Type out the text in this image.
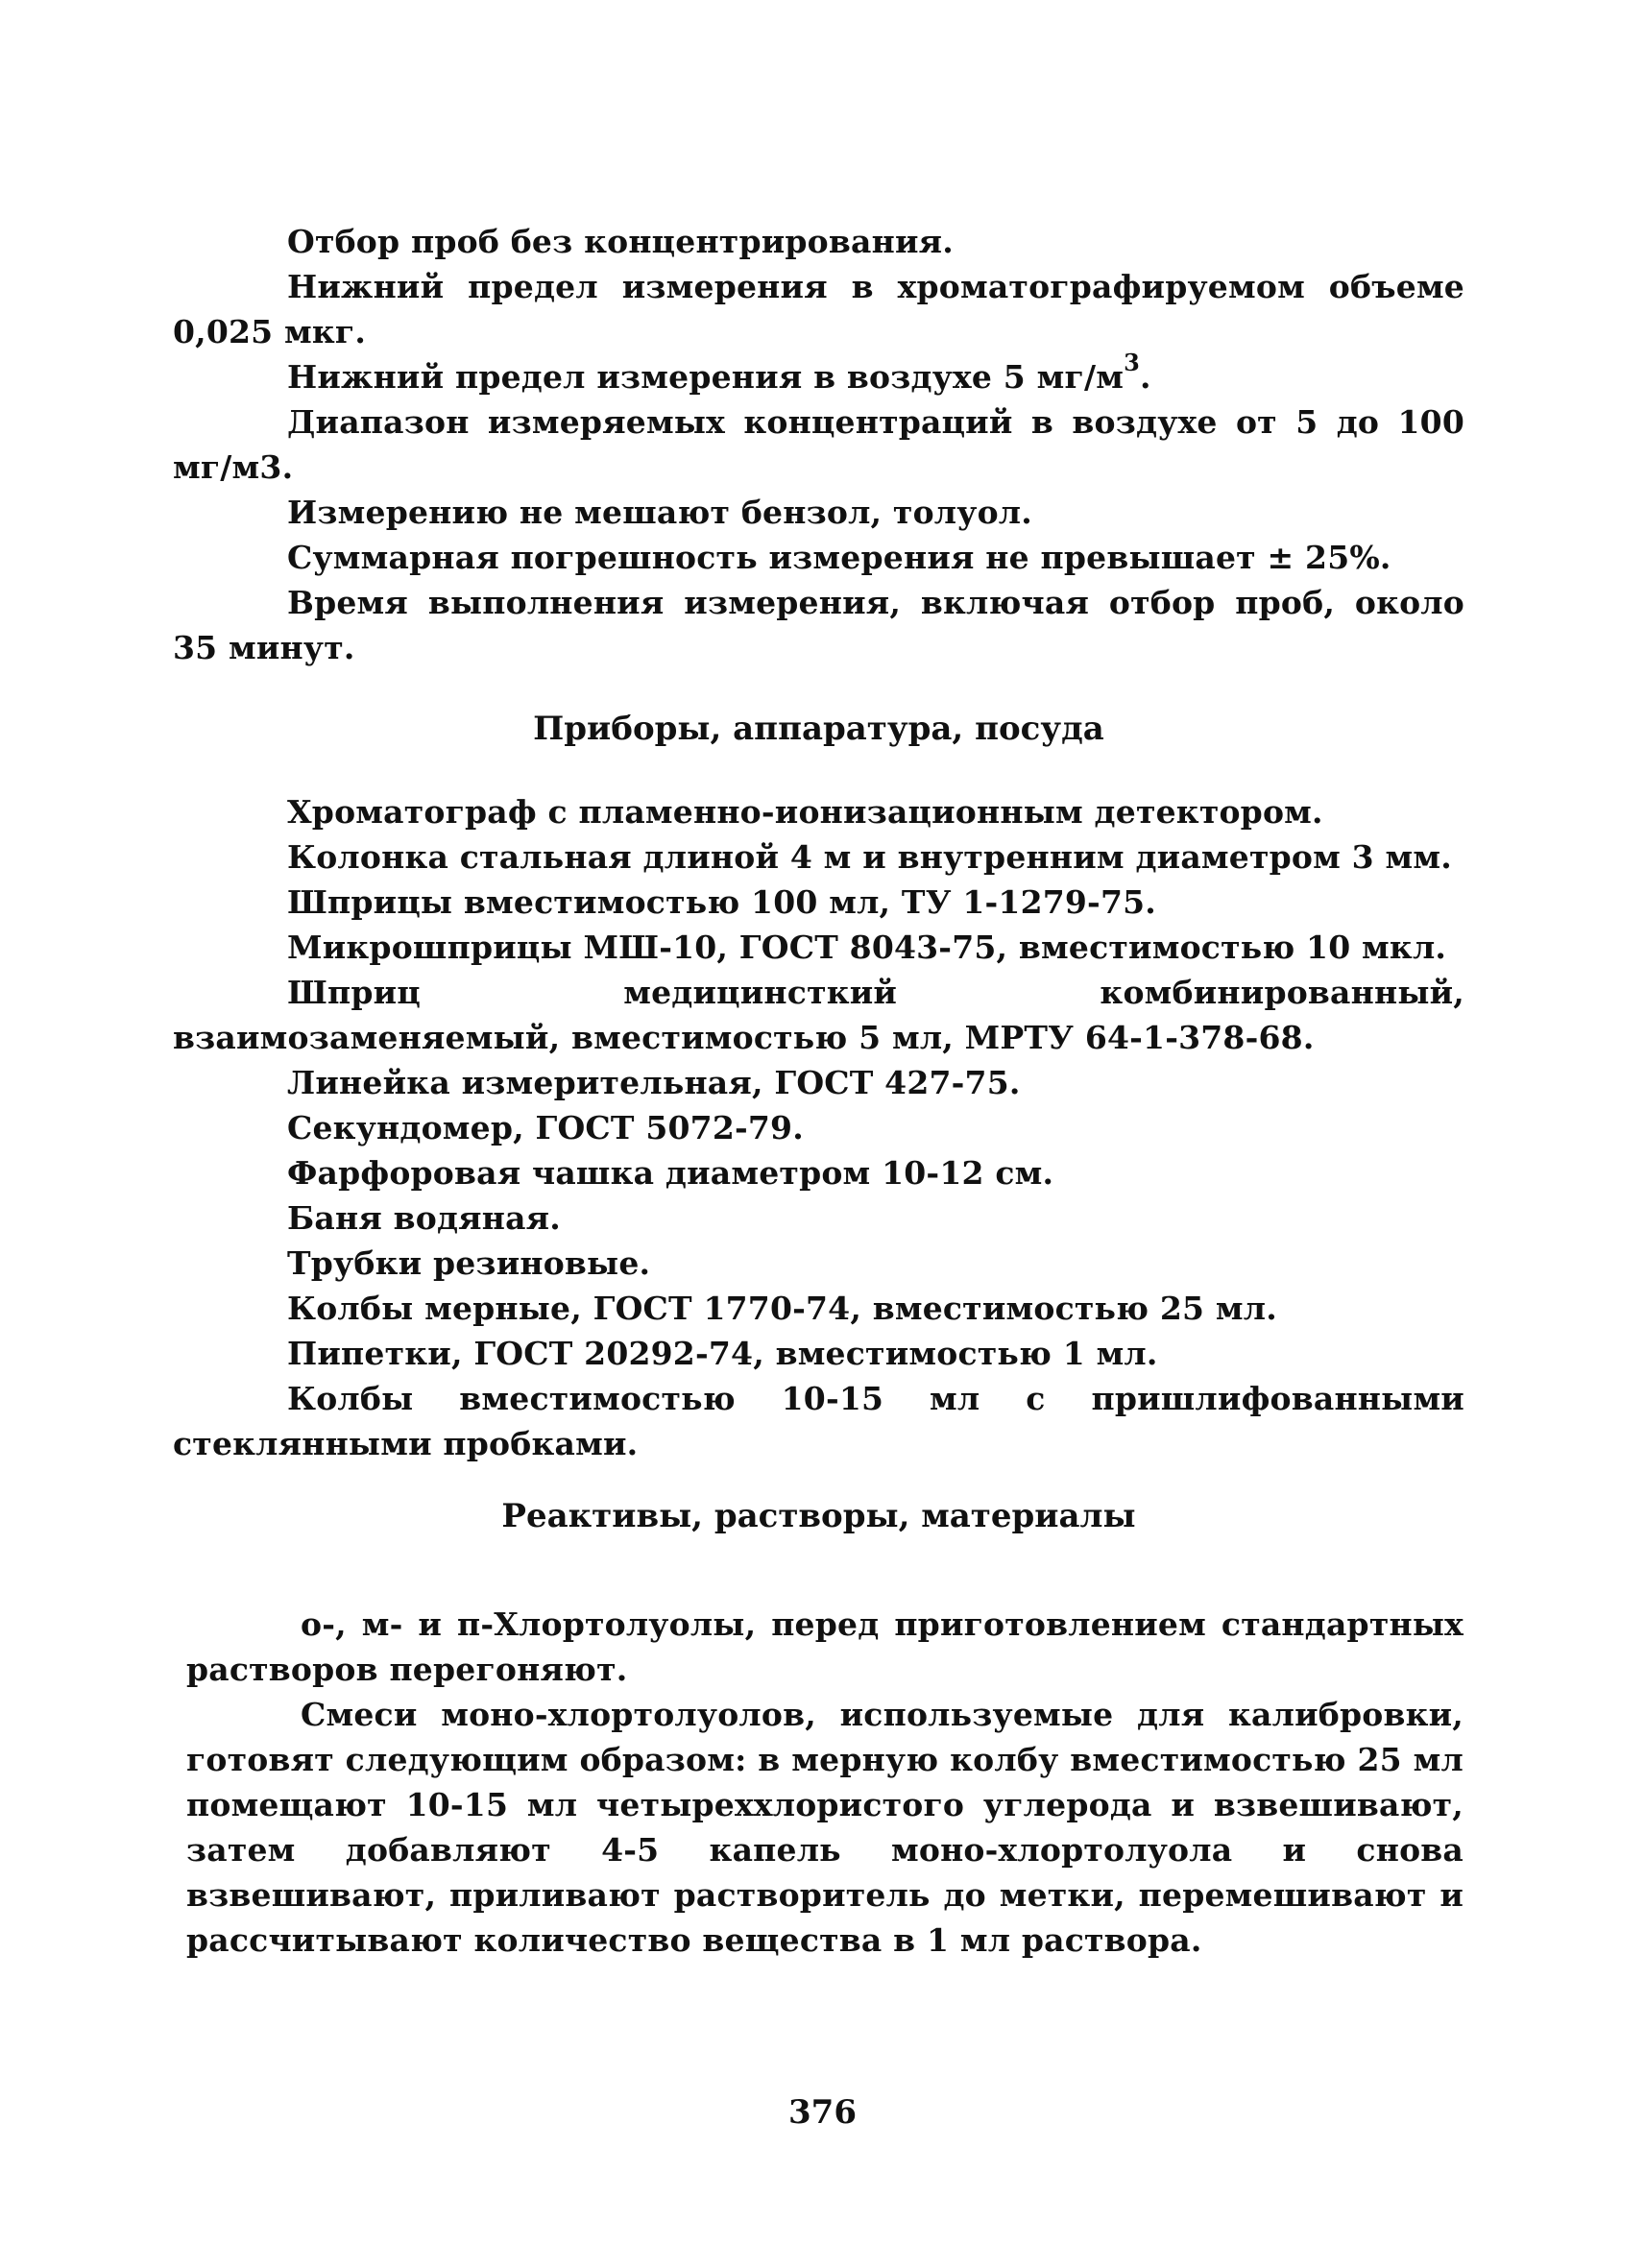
Отбор проб без концентрирования.

Нижний предел измерения в хроматографируемом объеме 0,025 мкг.

Нижний предел измерения в воздухе 5 $мг/м^3$.

Диапазон измеряемых концентраций в воздухе от 5 до 100 мг/м3.

Измерению не мешают бензол, толуол.

Суммарная погрешность измерения не превышает ± 25%.

Время выполнения измерения, включая отбор проб, около 35 минут.

Приборы, аппаратура, посуда

Хроматограф с пламенно-ионизационным детектором.

Колонка стальная длиной 4 м и внутренним диаметром 3 мм.

Шприцы вместимостью 100 мл, ТУ 1-1279-75.

Микрошприцы МШ-10, ГОСТ 8043-75, вместимостью 10 мкл.

Шприц медицинсткий комбинированный, взаимозаменяемый, вместимостью 5 мл, МРТУ 64-1-378-68.

Линейка измерительная, ГОСТ 427-75.

Секундомер, ГОСТ 5072-79.

Фарфоровая чашка диаметром 10-12 см.

Баня водяная.

Трубки резиновые.

Колбы мерные, ГОСТ 1770-74, вместимостью 25 мл.

Пипетки, ГОСТ 20292-74, вместимостью 1 мл.

Колбы вместимостью 10-15 мл с пришлифованными стеклянными пробками.

Реактивы, растворы, материалы

о-, м- и п-Хлортолуолы, перед приготовлением стандартных растворов перегоняют.

Смеси моно-хлортолуолов, используемые для калибровки, готовят следующим образом: в мерную колбу вместимостью 25 мл помещают 10-15 мл четыреххлористого углерода и взвешивают, затем добавляют 4-5 капель моно-хлортолуола и снова взвешивают, приливают растворитель до метки, перемешивают и рассчитывают количество вещества в 1 мл раствора.

376
